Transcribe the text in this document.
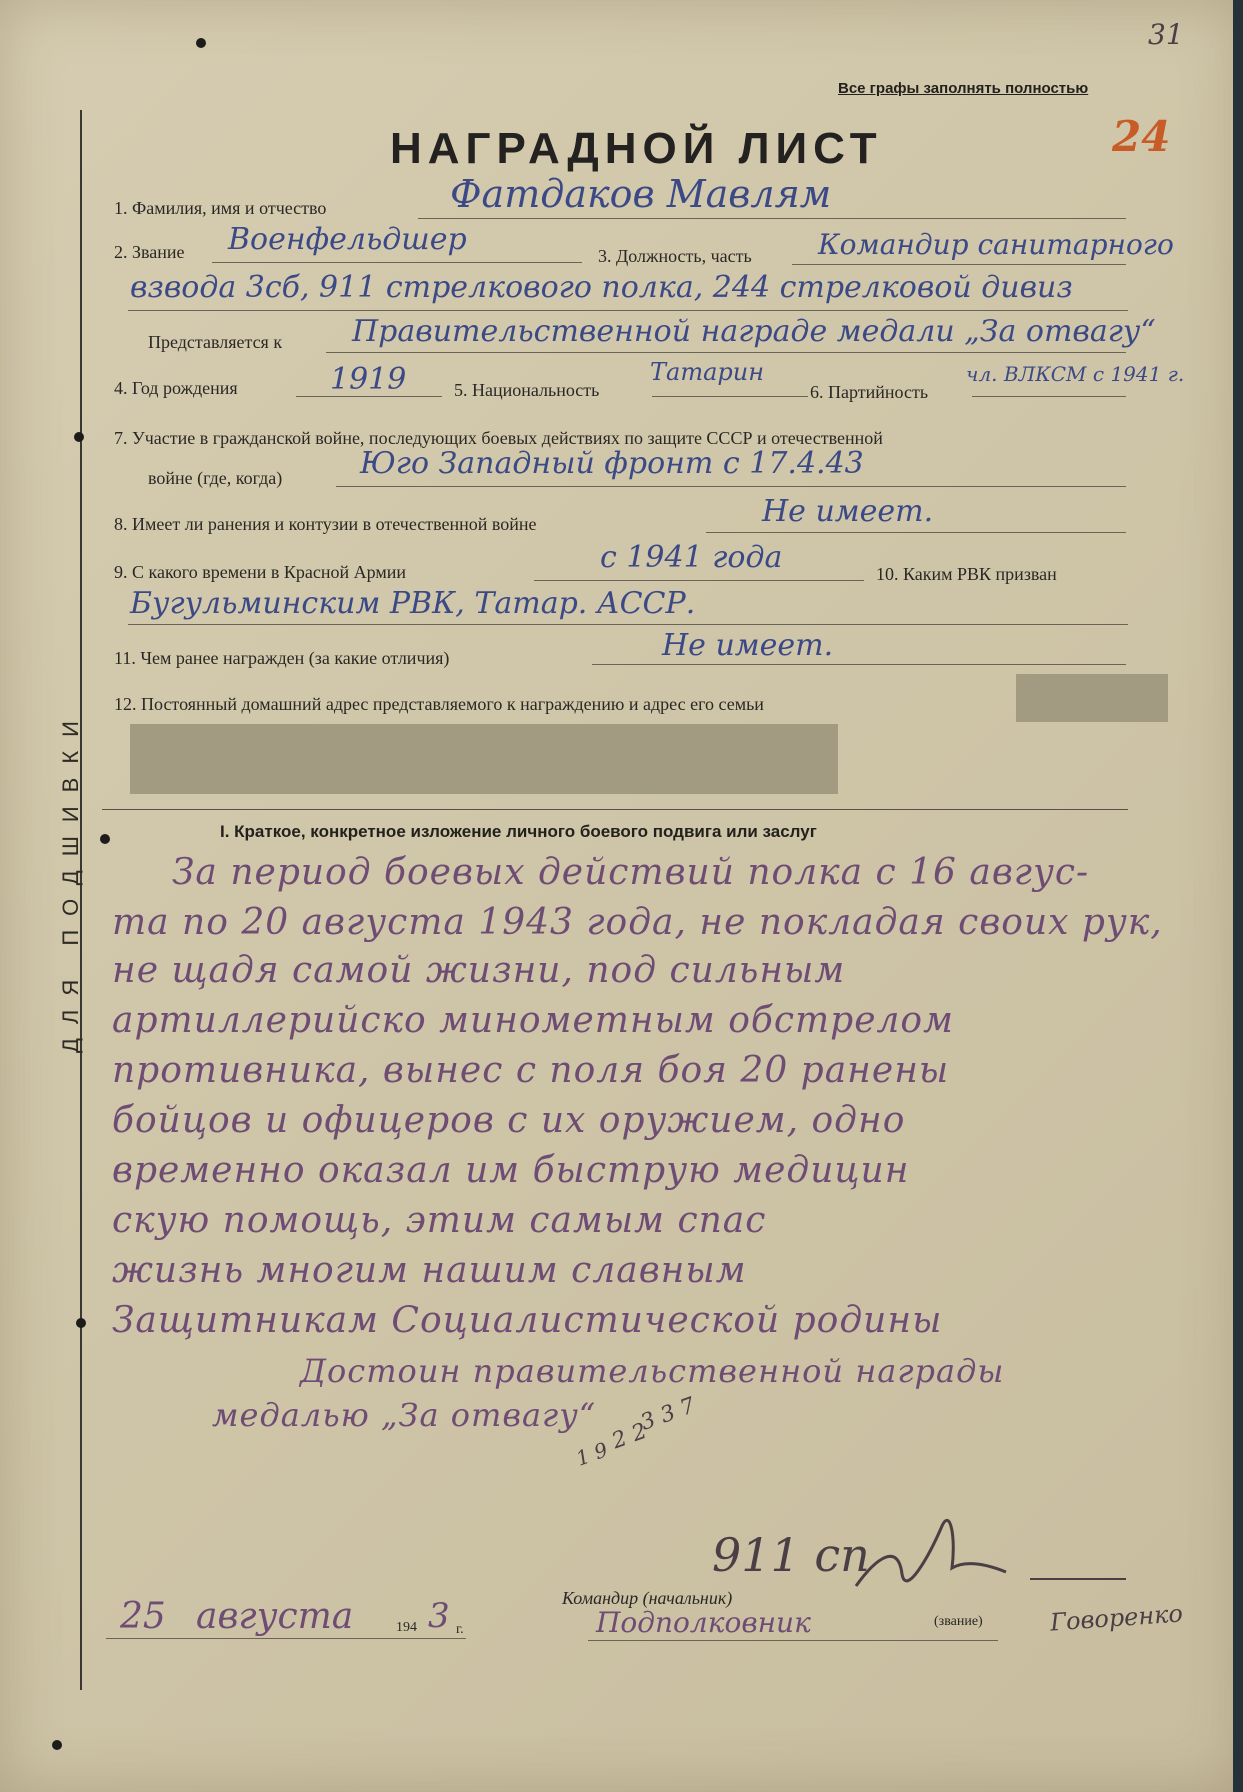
ДЛЯ ПОДШИВКИ
31
Все графы заполнять полностью
24
НАГРАДНОЙ ЛИСТ
1. Фамилия, имя и отчество	Фатдаков Мавлям
2. Звание Военфельдшер	3. Должность, часть Командир санитарного
взвода 3сб, 911 стрелкового полка, 244 стрелковой дивиз
Представляется к Правительственной награде медали „За отвагу“
4. Год рождения	1919	5. Национальность
Татарин
6. Партийность
чл. ВЛКСМ с 1941 г.
7. Участие в гражданской войне, последующих боевых действиях по защите СССР и отечественной
войне (где, когда)	Юго Западный фронт с 17.4.43
8. Имеет ли ранения и контузии в отечественной войне	Не имеет.
9. С какого времени в Красной Армии	с 1941 года	10. Каким РВК призван
Бугульминским РВК, Татар. АССР.
11. Чем ранее награжден (за какие отличия)	Не имеет.
12. Постоянный домашний адрес представляемого к награждению и адрес его семьи
I. Краткое, конкретное изложение личного боевого подвига или заслуг
За период боевых действий полка с 16 авгус-
та по 20 августа 1943 года, не покладая своих рук,
не щадя самой жизни, под сильным
артиллерийско минометным обстрелом
противника, вынес с поля боя 20 ранены
бойцов и офицеров с их оружием, одно
временно оказал им быструю медицин
скую помощь, этим самым спас
жизнь многим нашим славным
Защитникам Социалистической родины
Достоин правительственной награды
медалью „За отвагу“ 3 3 7
2 2
1 9
911 сп
Командир (начальник)
Подполковник	(звание)	Говоренко
25 августа	194 3 г.
